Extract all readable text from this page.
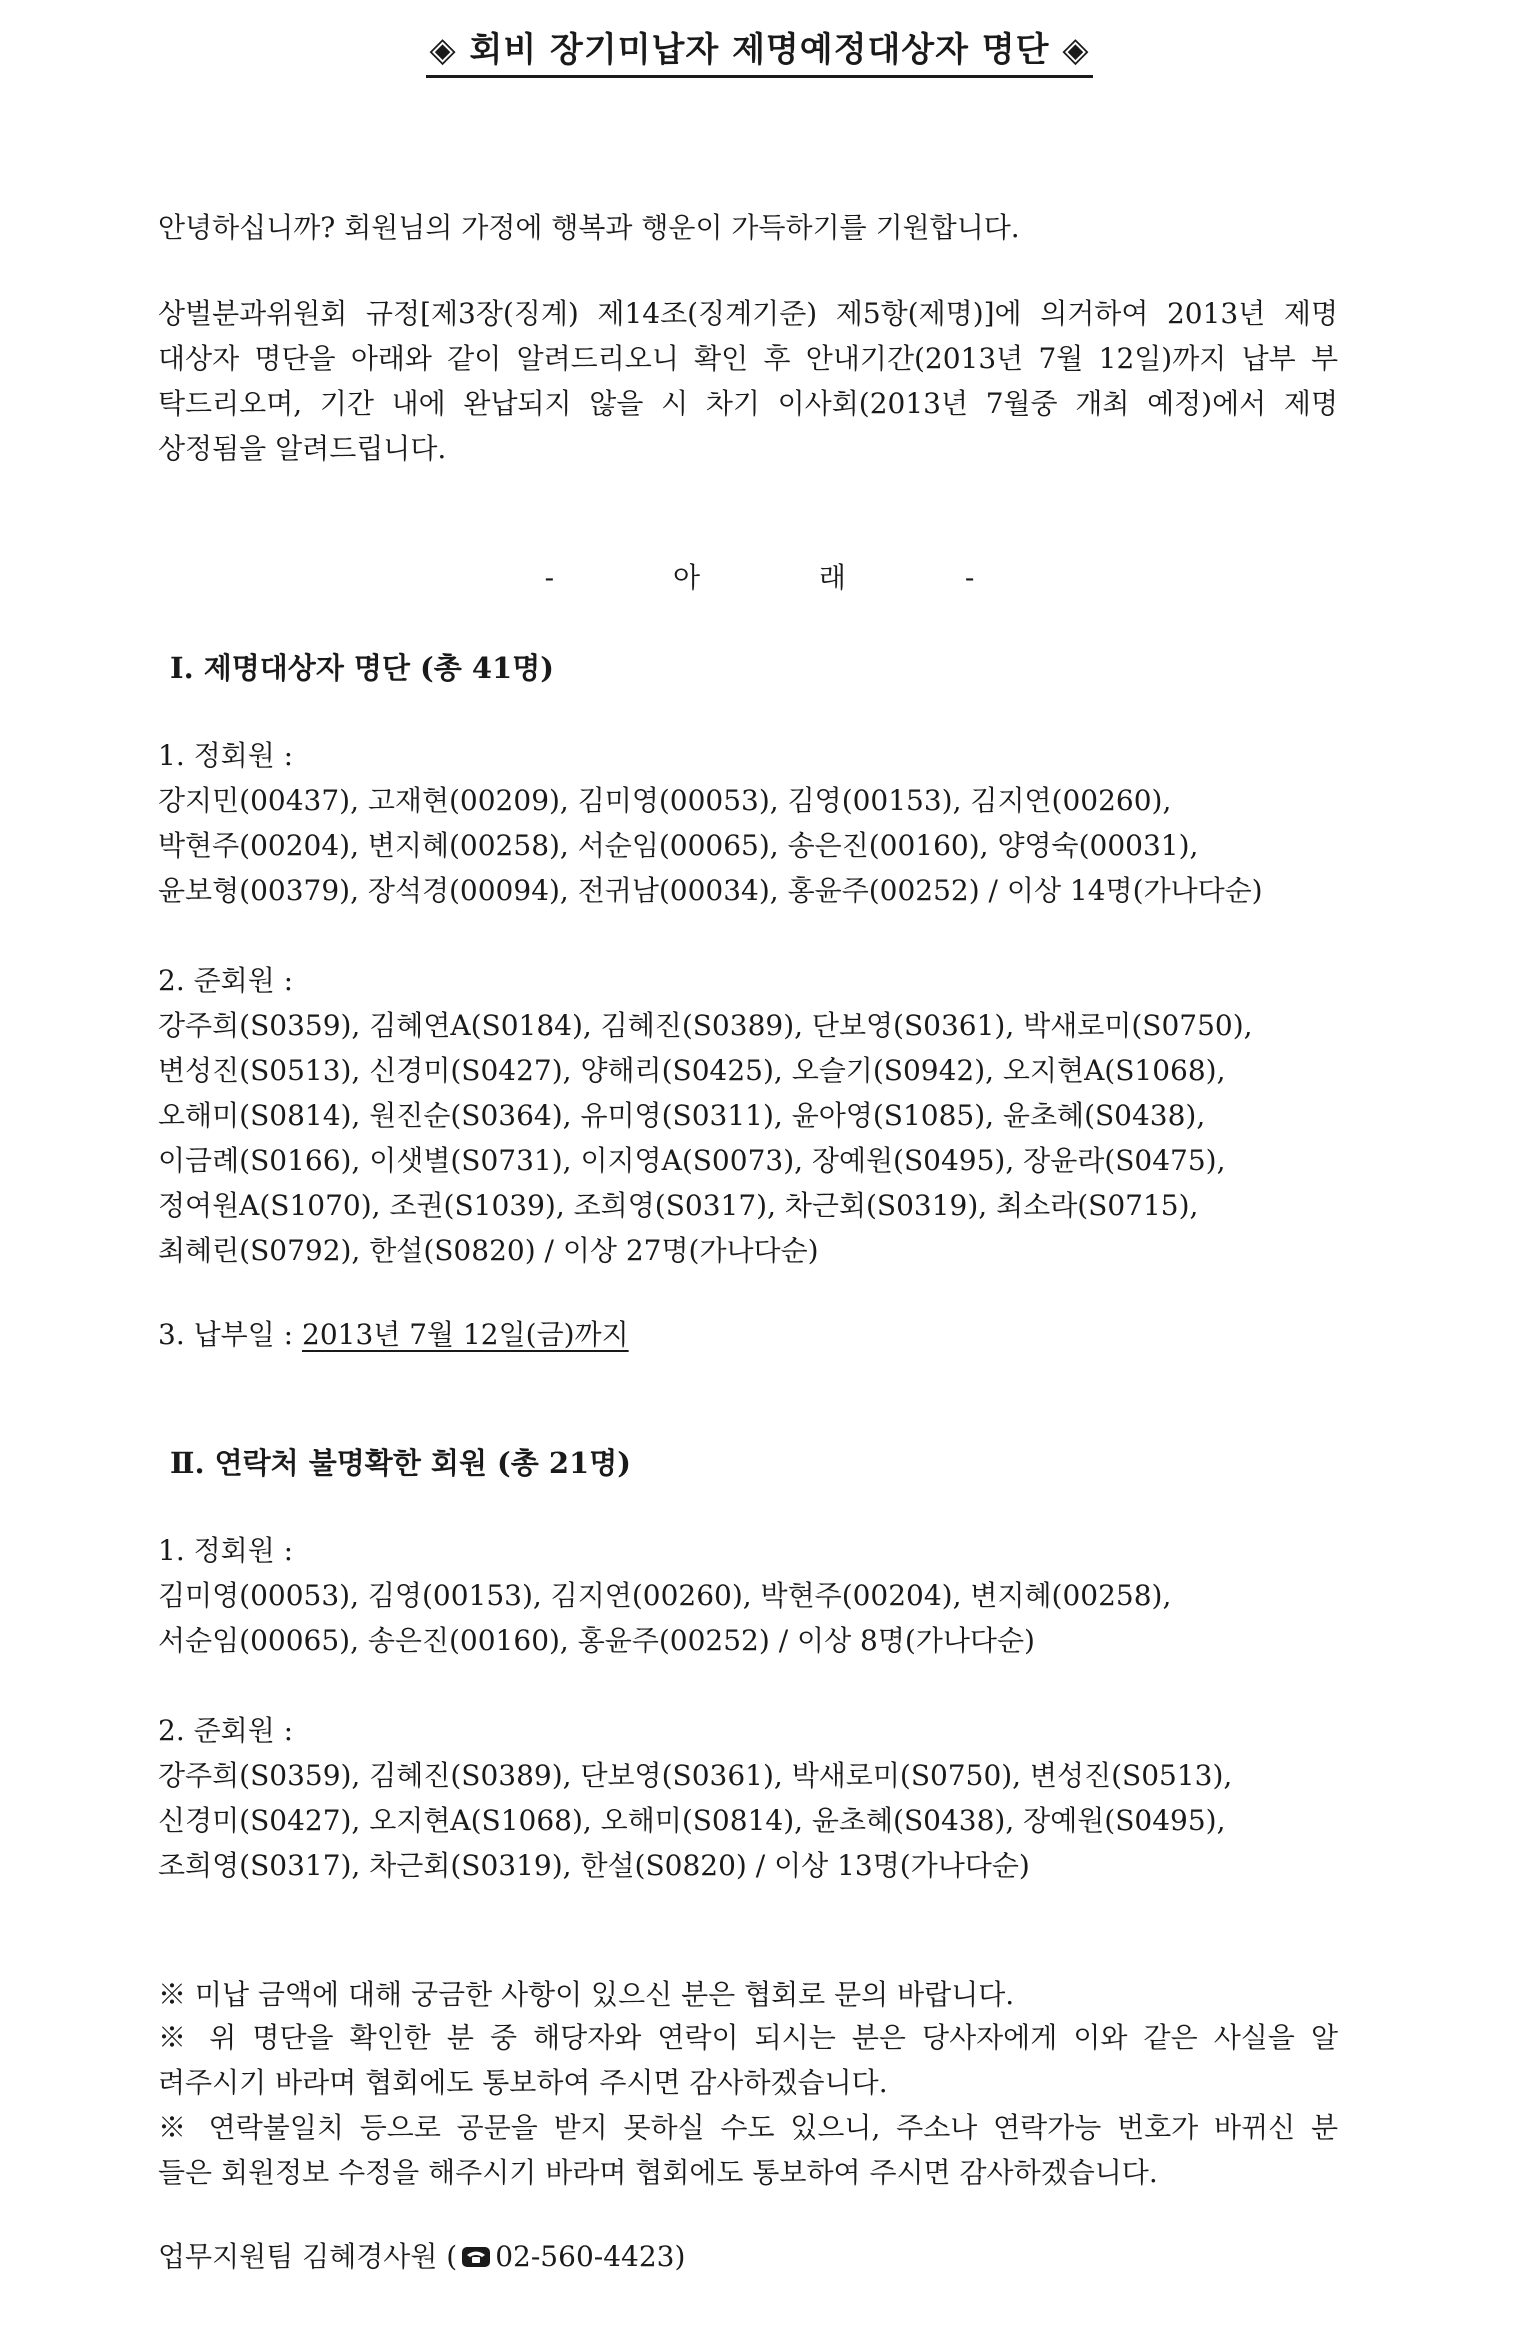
◈ 회비 장기미납자 제명예정대상자 명단 ◈
안녕하십니까? 회원님의 가정에 행복과 행운이 가득하기를 기원합니다.
상벌분과위원회 규정[제3장(징계) 제14조(징계기준) 제5항(제명)]에 의거하여 2013년 제명
대상자 명단을 아래와 같이 알려드리오니 확인 후 안내기간(2013년 7월 12일)까지 납부 부
탁드리오며, 기간 내에 완납되지 않을 시 차기 이사회(2013년 7월중 개최 예정)에서 제명
상정됨을 알려드립니다.
- 아 래 -
Ⅰ. 제명대상자 명단 (총 41명)
1. 정회원 :
강지민(00437), 고재현(00209), 김미영(00053), 김영(00153), 김지연(00260),
박현주(00204), 변지혜(00258), 서순임(00065), 송은진(00160), 양영숙(00031),
윤보형(00379), 장석경(00094), 전귀남(00034), 홍윤주(00252) / 이상 14명(가나다순)
2. 준회원 :
강주희(S0359), 김혜연A(S0184), 김혜진(S0389), 단보영(S0361), 박새로미(S0750),
변성진(S0513), 신경미(S0427), 양해리(S0425), 오슬기(S0942), 오지현A(S1068),
오해미(S0814), 원진순(S0364), 유미영(S0311), 윤아영(S1085), 윤초혜(S0438),
이금례(S0166), 이샛별(S0731), 이지영A(S0073), 장예원(S0495), 장윤라(S0475),
정여원A(S1070), 조권(S1039), 조희영(S0317), 차근회(S0319), 최소라(S0715),
최혜린(S0792), 한설(S0820) / 이상 27명(가나다순)
3. 납부일 : 2013년 7월 12일(금)까지
Ⅱ. 연락처 불명확한 회원 (총 21명)
1. 정회원 :
김미영(00053), 김영(00153), 김지연(00260), 박현주(00204), 변지혜(00258),
서순임(00065), 송은진(00160), 홍윤주(00252) / 이상 8명(가나다순)
2. 준회원 :
강주희(S0359), 김혜진(S0389), 단보영(S0361), 박새로미(S0750), 변성진(S0513),
신경미(S0427), 오지현A(S1068), 오해미(S0814), 윤초혜(S0438), 장예원(S0495),
조희영(S0317), 차근회(S0319), 한설(S0820) / 이상 13명(가나다순)
※ 미납 금액에 대해 궁금한 사항이 있으신 분은 협회로 문의 바랍니다.
※ 위 명단을 확인한 분 중 해당자와 연락이 되시는 분은 당사자에게 이와 같은 사실을 알
려주시기 바라며 협회에도 통보하여 주시면 감사하겠습니다.
※ 연락불일치 등으로 공문을 받지 못하실 수도 있으니, 주소나 연락가능 번호가 바뀌신 분
들은 회원정보 수정을 해주시기 바라며 협회에도 통보하여 주시면 감사하겠습니다.
업무지원팀 김혜경사원 ( 02-560-4423)
